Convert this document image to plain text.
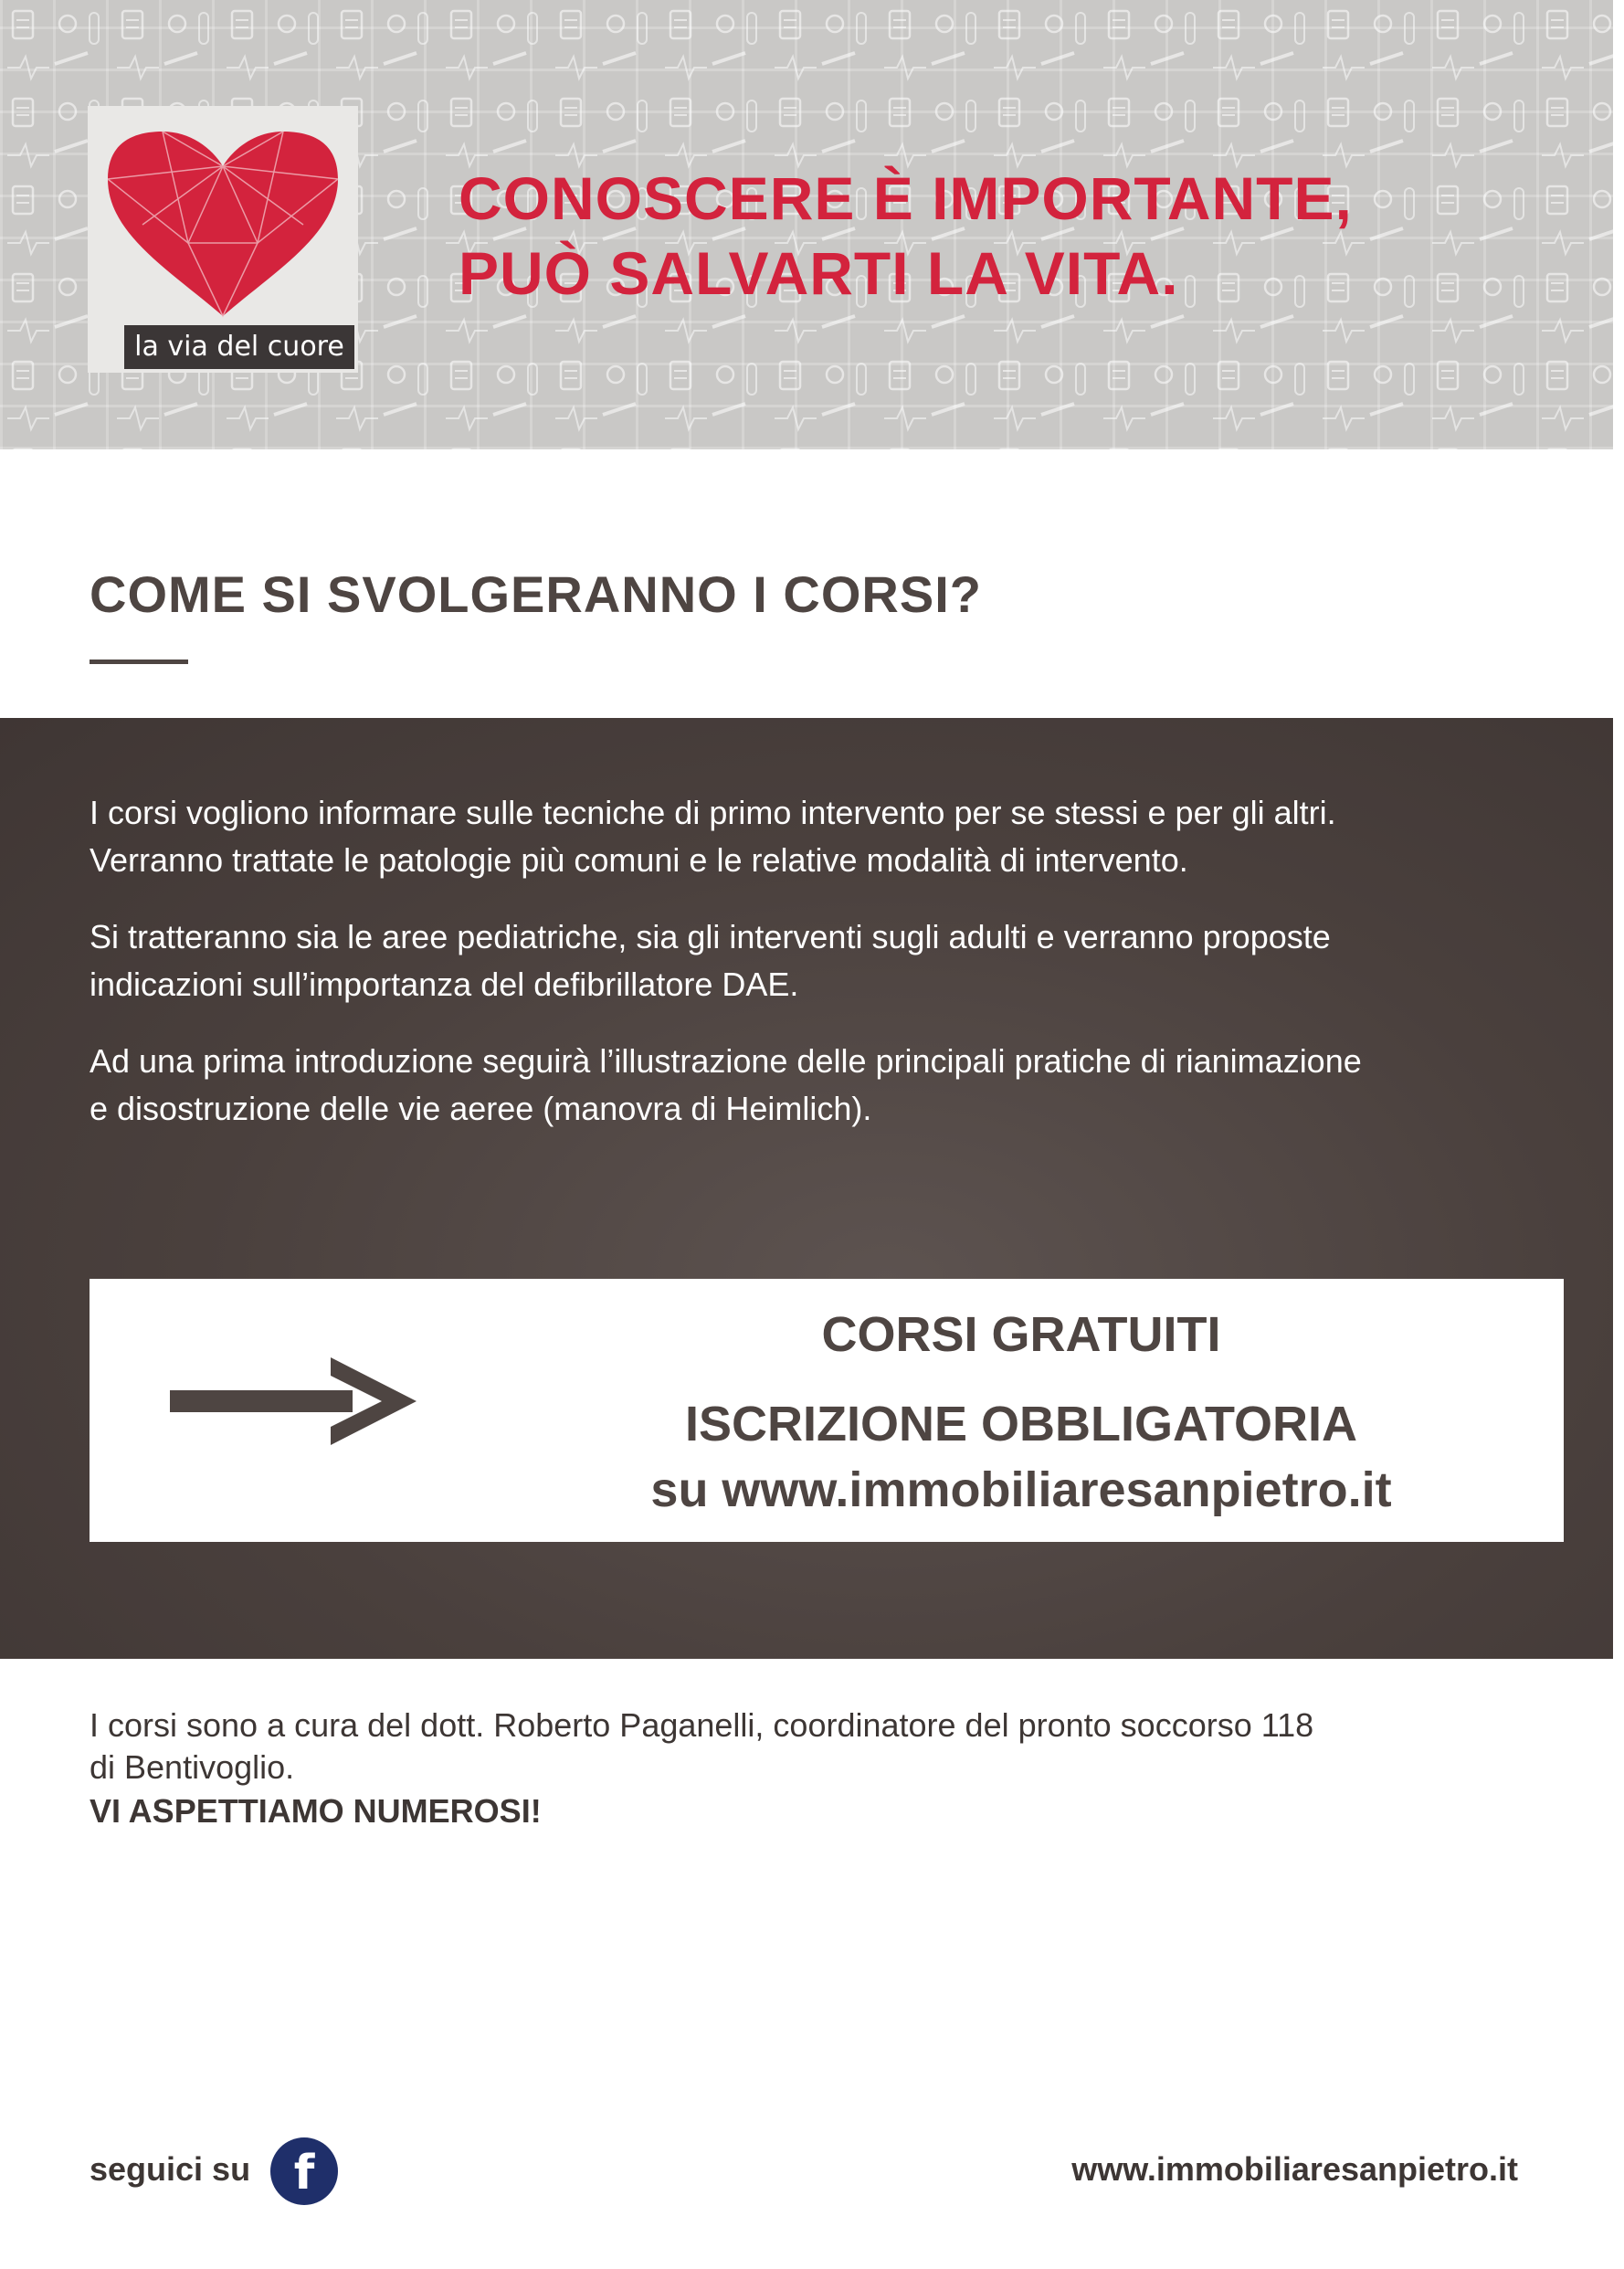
la via del cuore
CONOSCERE È IMPORTANTE,
PUÒ SALVARTI LA VITA.
COME SI SVOLGERANNO I CORSI?
I corsi vogliono informare sulle tecniche di primo intervento per se stessi e per gli altri.
Verranno trattate le patologie più comuni e le relative modalità di intervento.
Si tratteranno sia le aree pediatriche, sia gli interventi sugli adulti e verranno proposte
indicazioni sull’importanza del defibrillatore DAE.
Ad una prima introduzione seguirà l’illustrazione delle principali pratiche di rianimazione
e disostruzione delle vie aeree (manovra di Heimlich).
CORSI GRATUITI
ISCRIZIONE OBBLIGATORIA
su www.immobiliaresanpietro.it
I corsi sono a cura del dott. Roberto Paganelli, coordinatore del pronto soccorso 118
di Bentivoglio.
VI ASPETTIAMO NUMEROSI!
seguici su f	www.immobiliaresanpietro.it
